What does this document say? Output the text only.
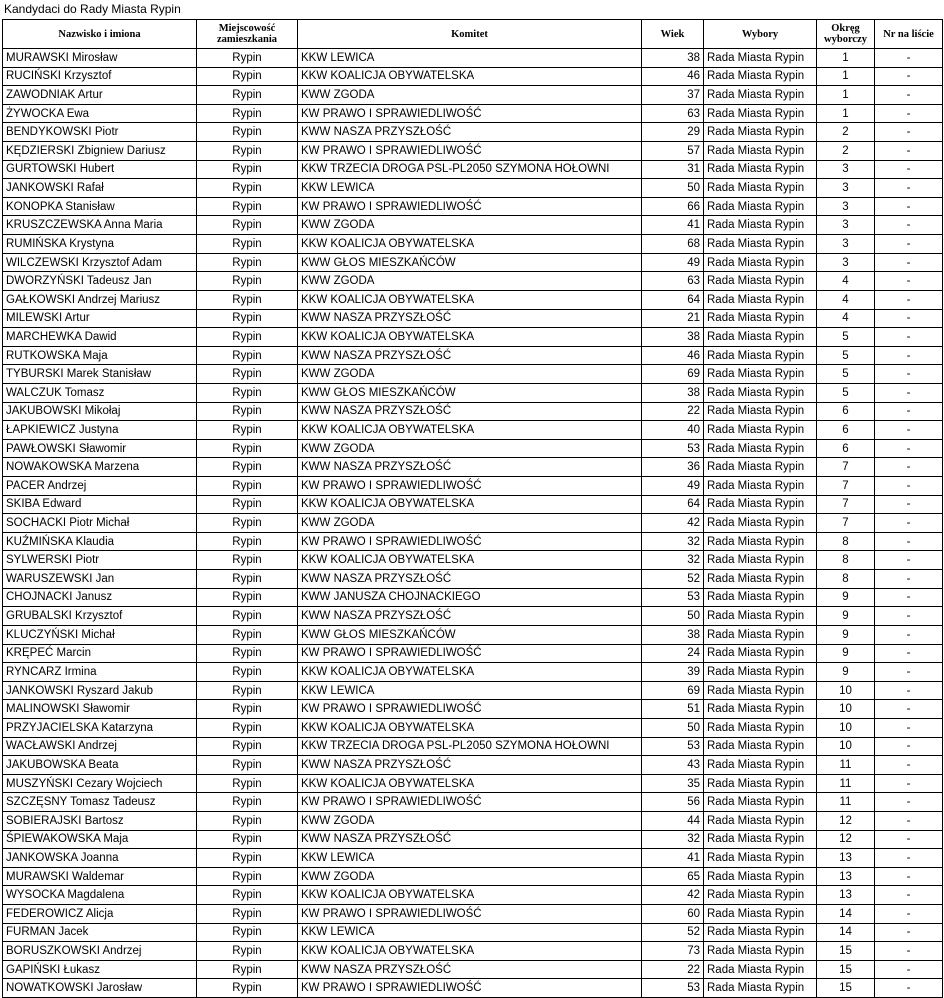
Kandydaci do Rady Miasta Rypin
Nazwisko i imiona	Miejscowość zamieszkania	Komitet	Wiek	Wybory	Okręg wyborczy	Nr na liście
MURAWSKI Mirosław	Rypin	KKW LEWICA	38	Rada Miasta Rypin	1	-
RUCIŃSKI Krzysztof	Rypin	KKW KOALICJA OBYWATELSKA	46	Rada Miasta Rypin	1	-
ZAWODNIAK Artur	Rypin	KWW ZGODA	37	Rada Miasta Rypin	1	-
ŻYWOCKA Ewa	Rypin	KW PRAWO I SPRAWIEDLIWOŚĆ	63	Rada Miasta Rypin	1	-
BENDYKOWSKI Piotr	Rypin	KWW NASZA PRZYSZŁOŚĆ	29	Rada Miasta Rypin	2	-
KĘDZIERSKI Zbigniew Dariusz	Rypin	KW PRAWO I SPRAWIEDLIWOŚĆ	57	Rada Miasta Rypin	2	-
GURTOWSKI Hubert	Rypin	KKW TRZECIA DROGA PSL-PL2050 SZYMONA HOŁOWNI	31	Rada Miasta Rypin	3	-
JANKOWSKI Rafał	Rypin	KKW LEWICA	50	Rada Miasta Rypin	3	-
KONOPKA Stanisław	Rypin	KW PRAWO I SPRAWIEDLIWOŚĆ	66	Rada Miasta Rypin	3	-
KRUSZCZEWSKA Anna Maria	Rypin	KWW ZGODA	41	Rada Miasta Rypin	3	-
RUMIŃSKA Krystyna	Rypin	KKW KOALICJA OBYWATELSKA	68	Rada Miasta Rypin	3	-
WILCZEWSKI Krzysztof Adam	Rypin	KWW GŁOS MIESZKAŃCÓW	49	Rada Miasta Rypin	3	-
DWORZYŃSKI Tadeusz Jan	Rypin	KWW ZGODA	63	Rada Miasta Rypin	4	-
GAŁKOWSKI Andrzej Mariusz	Rypin	KKW KOALICJA OBYWATELSKA	64	Rada Miasta Rypin	4	-
MILEWSKI Artur	Rypin	KWW NASZA PRZYSZŁOŚĆ	21	Rada Miasta Rypin	4	-
MARCHEWKA Dawid	Rypin	KKW KOALICJA OBYWATELSKA	38	Rada Miasta Rypin	5	-
RUTKOWSKA Maja	Rypin	KWW NASZA PRZYSZŁOŚĆ	46	Rada Miasta Rypin	5	-
TYBURSKI Marek Stanisław	Rypin	KWW ZGODA	69	Rada Miasta Rypin	5	-
WALCZUK Tomasz	Rypin	KWW GŁOS MIESZKAŃCÓW	38	Rada Miasta Rypin	5	-
JAKUBOWSKI Mikołaj	Rypin	KWW NASZA PRZYSZŁOŚĆ	22	Rada Miasta Rypin	6	-
ŁAPKIEWICZ Justyna	Rypin	KKW KOALICJA OBYWATELSKA	40	Rada Miasta Rypin	6	-
PAWŁOWSKI Sławomir	Rypin	KWW ZGODA	53	Rada Miasta Rypin	6	-
NOWAKOWSKA Marzena	Rypin	KWW NASZA PRZYSZŁOŚĆ	36	Rada Miasta Rypin	7	-
PACER Andrzej	Rypin	KW PRAWO I SPRAWIEDLIWOŚĆ	49	Rada Miasta Rypin	7	-
SKIBA Edward	Rypin	KKW KOALICJA OBYWATELSKA	64	Rada Miasta Rypin	7	-
SOCHACKI Piotr Michał	Rypin	KWW ZGODA	42	Rada Miasta Rypin	7	-
KUŹMIŃSKA Klaudia	Rypin	KW PRAWO I SPRAWIEDLIWOŚĆ	32	Rada Miasta Rypin	8	-
SYLWERSKI Piotr	Rypin	KKW KOALICJA OBYWATELSKA	32	Rada Miasta Rypin	8	-
WARUSZEWSKI Jan	Rypin	KWW NASZA PRZYSZŁOŚĆ	52	Rada Miasta Rypin	8	-
CHOJNACKI Janusz	Rypin	KWW JANUSZA CHOJNACKIEGO	53	Rada Miasta Rypin	9	-
GRUBALSKI Krzysztof	Rypin	KWW NASZA PRZYSZŁOŚĆ	50	Rada Miasta Rypin	9	-
KLUCZYŃSKI Michał	Rypin	KWW GŁOS MIESZKAŃCÓW	38	Rada Miasta Rypin	9	-
KRĘPEĆ Marcin	Rypin	KW PRAWO I SPRAWIEDLIWOŚĆ	24	Rada Miasta Rypin	9	-
RYNCARZ Irmina	Rypin	KKW KOALICJA OBYWATELSKA	39	Rada Miasta Rypin	9	-
JANKOWSKI Ryszard Jakub	Rypin	KKW LEWICA	69	Rada Miasta Rypin	10	-
MALINOWSKI Sławomir	Rypin	KW PRAWO I SPRAWIEDLIWOŚĆ	51	Rada Miasta Rypin	10	-
PRZYJACIELSKA Katarzyna	Rypin	KKW KOALICJA OBYWATELSKA	50	Rada Miasta Rypin	10	-
WACŁAWSKI Andrzej	Rypin	KKW TRZECIA DROGA PSL-PL2050 SZYMONA HOŁOWNI	53	Rada Miasta Rypin	10	-
JAKUBOWSKA Beata	Rypin	KWW NASZA PRZYSZŁOŚĆ	43	Rada Miasta Rypin	11	-
MUSZYŃSKI Cezary Wojciech	Rypin	KKW KOALICJA OBYWATELSKA	35	Rada Miasta Rypin	11	-
SZCZĘSNY Tomasz Tadeusz	Rypin	KW PRAWO I SPRAWIEDLIWOŚĆ	56	Rada Miasta Rypin	11	-
SOBIERAJSKI Bartosz	Rypin	KWW ZGODA	44	Rada Miasta Rypin	12	-
ŚPIEWAKOWSKA Maja	Rypin	KWW NASZA PRZYSZŁOŚĆ	32	Rada Miasta Rypin	12	-
JANKOWSKA Joanna	Rypin	KKW LEWICA	41	Rada Miasta Rypin	13	-
MURAWSKI Waldemar	Rypin	KWW ZGODA	65	Rada Miasta Rypin	13	-
WYSOCKA Magdalena	Rypin	KKW KOALICJA OBYWATELSKA	42	Rada Miasta Rypin	13	-
FEDEROWICZ Alicja	Rypin	KW PRAWO I SPRAWIEDLIWOŚĆ	60	Rada Miasta Rypin	14	-
FURMAN Jacek	Rypin	KKW LEWICA	52	Rada Miasta Rypin	14	-
BORUSZKOWSKI Andrzej	Rypin	KKW KOALICJA OBYWATELSKA	73	Rada Miasta Rypin	15	-
GAPIŃSKI Łukasz	Rypin	KWW NASZA PRZYSZŁOŚĆ	22	Rada Miasta Rypin	15	-
NOWATKOWSKI Jarosław	Rypin	KW PRAWO I SPRAWIEDLIWOŚĆ	53	Rada Miasta Rypin	15	-
